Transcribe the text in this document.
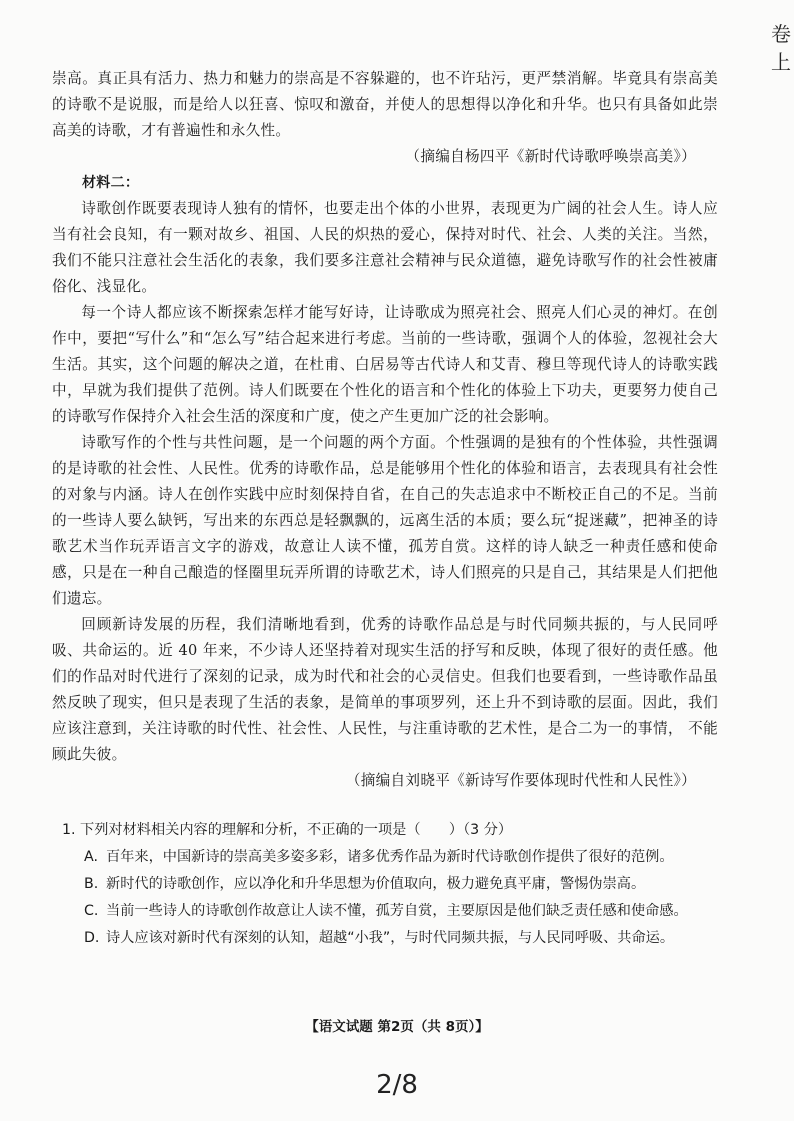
卷 上

崇高。真正具有活力、热力和魅力的崇高是不容躲避的，也不许玷污，更严禁消解。毕竟具有崇高美的诗歌不是说服，而是给人以狂喜、惊叹和激奋，并使人的思想得以净化和升华。也只有具备如此崇高美的诗歌，才有普遍性和永久性。

（摘编自杨四平《新时代诗歌呼唤崇高美》）

材料二：

诗歌创作既要表现诗人独有的情怀，也要走出个体的小世界，表现更为广阔的社会人生。诗人应当有社会良知，有一颗对故乡、祖国、人民的炽热的爱心，保持对时代、社会、人类的关注。当然，我们不能只注意社会生活化的表象，我们要多注意社会精神与民众道德，避免诗歌写作的社会性被庸俗化、浅显化。

每一个诗人都应该不断探索怎样才能写好诗，让诗歌成为照亮社会、照亮人们心灵的神灯。在创作中，要把“写什么”和“怎么写”结合起来进行考虑。当前的一些诗歌，强调个人的体验，忽视社会大生活。其实，这个问题的解决之道，在杜甫、白居易等古代诗人和艾青、穆旦等现代诗人的诗歌实践中，早就为我们提供了范例。诗人们既要在个性化的语言和个性化的体验上下功夫，更要努力使自己的诗歌写作保持介入社会生活的深度和广度，使之产生更加广泛的社会影响。

诗歌写作的个性与共性问题，是一个问题的两个方面。个性强调的是独有的个性体验，共性强调的是诗歌的社会性、人民性。优秀的诗歌作品，总是能够用个性化的体验和语言，去表现具有社会性的对象与内涵。诗人在创作实践中应时刻保持自省，在自己的失志追求中不断校正自己的不足。当前的一些诗人要么缺钙，写出来的东西总是轻飘飘的，远离生活的本质；要么玩“捉迷藏”，把神圣的诗歌艺术当作玩弄语言文字的游戏，故意让人读不懂，孤芳自赏。这样的诗人缺乏一种责任感和使命感，只是在一种自己酿造的怪圈里玩弄所谓的诗歌艺术，诗人们照亮的只是自己，其结果是人们把他们遗忘。

回顾新诗发展的历程，我们清晰地看到，优秀的诗歌作品总是与时代同频共振的，与人民同呼吸、共命运的。近 40 年来，不少诗人还坚持着对现实生活的抒写和反映，体现了很好的责任感。他们的作品对时代进行了深刻的记录，成为时代和社会的心灵信史。但我们也要看到，一些诗歌作品虽然反映了现实，但只是表现了生活的表象，是简单的事项罗列，还上升不到诗歌的层面。因此，我们应该注意到，关注诗歌的时代性、社会性、人民性，与注重诗歌的艺术性，是合二为一的事情， 不能顾此失彼。

（摘编自刘晓平《新诗写作要体现时代性和人民性》）

1. 下列对材料相关内容的理解和分析，不正确的一项是（　　）（3 分）

A. 百年来，中国新诗的崇高美多姿多彩，诸多优秀作品为新时代诗歌创作提供了很好的范例。

B. 新时代的诗歌创作，应以净化和升华思想为价值取向，极力避免真平庸，警惕伪崇高。

C. 当前一些诗人的诗歌创作故意让人读不懂，孤芳自赏，主要原因是他们缺乏责任感和使命感。

D. 诗人应该对新时代有深刻的认知，超越“小我”，与时代同频共振，与人民同呼吸、共命运。

【语文试题 第2页（共 8页）】
2/8
